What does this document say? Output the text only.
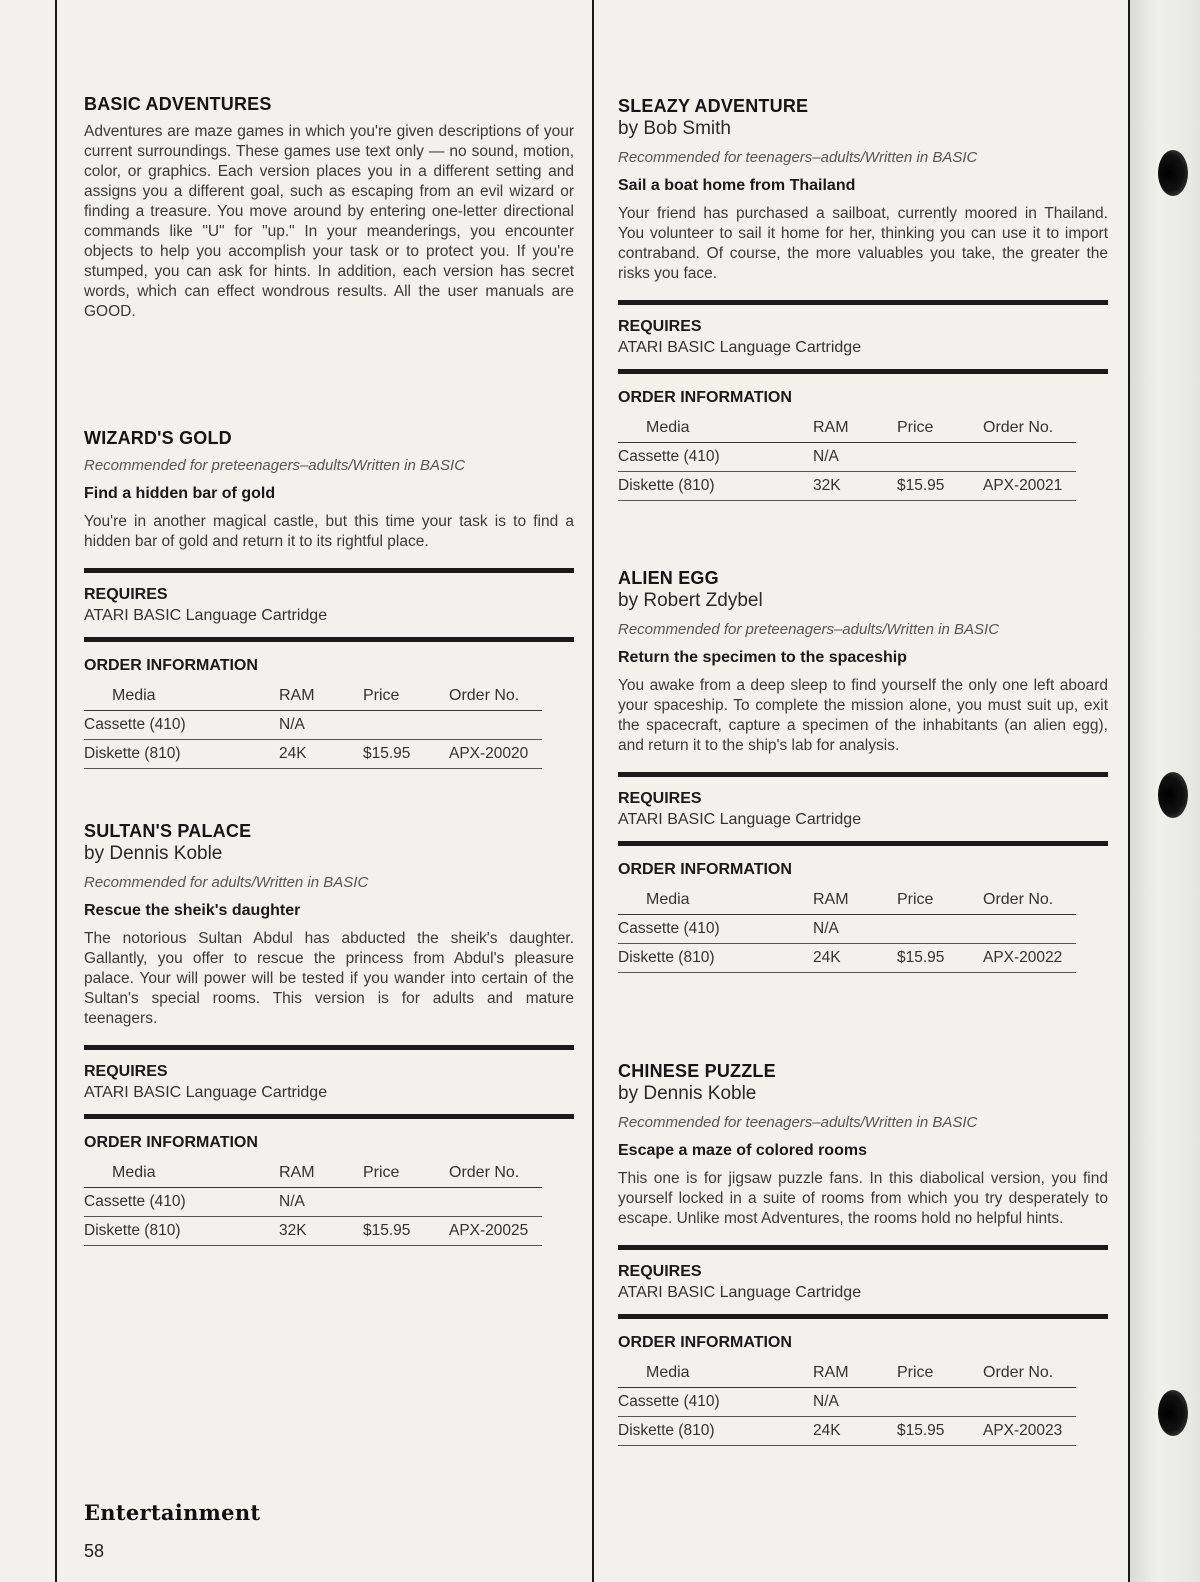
BASIC ADVENTURES
Adventures are maze games in which you're given descriptions of your current surroundings. These games use text only — no sound, motion, color, or graphics. Each version places you in a different setting and assigns you a different goal, such as escaping from an evil wizard or finding a treasure. You move around by entering one-letter directional commands like "U" for "up." In your meanderings, you encounter objects to help you accomplish your task or to protect you. If you're stumped, you can ask for hints. In addition, each version has secret words, which can effect wondrous results. All the user manuals are GOOD.
WIZARD'S GOLD
Recommended for preteenagers–adults/Written in BASIC
Find a hidden bar of gold
You're in another magical castle, but this time your task is to find a hidden bar of gold and return it to its rightful place.
REQUIRES
ATARI BASIC Language Cartridge
ORDER INFORMATION
Media	RAM	Price	Order No.
Cassette (410)	N/A		
Diskette (810)	24K	$15.95	APX-20020
SULTAN'S PALACE
by Dennis Koble
Recommended for adults/Written in BASIC
Rescue the sheik's daughter
The notorious Sultan Abdul has abducted the sheik's daughter. Gallantly, you offer to rescue the princess from Abdul's pleasure palace. Your will power will be tested if you wander into certain of the Sultan's special rooms. This version is for adults and mature teenagers.
REQUIRES
ATARI BASIC Language Cartridge
ORDER INFORMATION
Media	RAM	Price	Order No.
Cassette (410)	N/A		
Diskette (810)	32K	$15.95	APX-20025
SLEAZY ADVENTURE
by Bob Smith
Recommended for teenagers–adults/Written in BASIC
Sail a boat home from Thailand
Your friend has purchased a sailboat, currently moored in Thailand. You volunteer to sail it home for her, thinking you can use it to import contraband. Of course, the more valuables you take, the greater the risks you face.
REQUIRES
ATARI BASIC Language Cartridge
ORDER INFORMATION
Media	RAM	Price	Order No.
Cassette (410)	N/A		
Diskette (810)	32K	$15.95	APX-20021
ALIEN EGG
by Robert Zdybel
Recommended for preteenagers–adults/Written in BASIC
Return the specimen to the spaceship
You awake from a deep sleep to find yourself the only one left aboard your spaceship. To complete the mission alone, you must suit up, exit the spacecraft, capture a specimen of the inhabitants (an alien egg), and return it to the ship's lab for analysis.
REQUIRES
ATARI BASIC Language Cartridge
ORDER INFORMATION
Media	RAM	Price	Order No.
Cassette (410)	N/A		
Diskette (810)	24K	$15.95	APX-20022
CHINESE PUZZLE
by Dennis Koble
Recommended for teenagers–adults/Written in BASIC
Escape a maze of colored rooms
This one is for jigsaw puzzle fans. In this diabolical version, you find yourself locked in a suite of rooms from which you try desperately to escape. Unlike most Adventures, the rooms hold no helpful hints.
REQUIRES
ATARI BASIC Language Cartridge
ORDER INFORMATION
Media	RAM	Price	Order No.
Cassette (410)	N/A		
Diskette (810)	24K	$15.95	APX-20023
Entertainment
58
